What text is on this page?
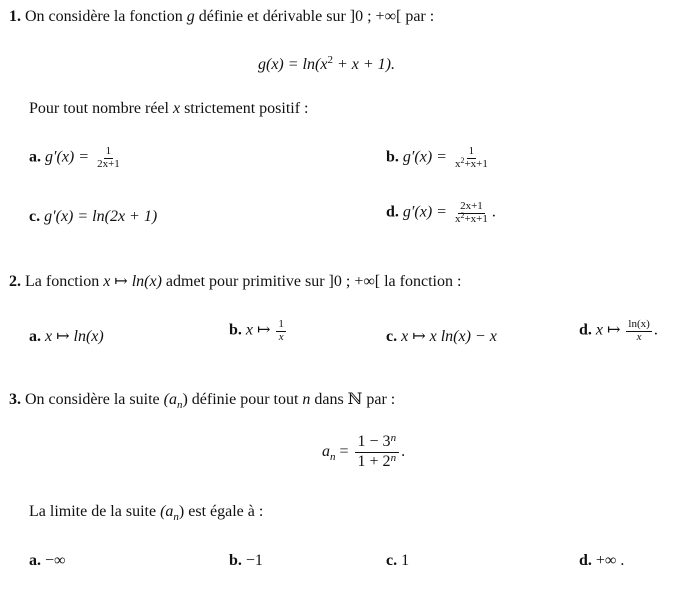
1. On considère la fonction g définie et dérivable sur ]0 ; +∞[ par :
$g(x) = \ln(x^2 + x + 1)$.
Pour tout nombre réel x strictement positif :
a. $g'(x) = \frac{1}{2x+1}$	b. $g'(x) = \frac{1}{x^2+x+1}$
c. g′(x) = ln(2x + 1)	d. $g'(x) = \frac{2x+1}{x^2+x+1}$ .
2. La fonction x ↦ ln(x) admet pour primitive sur ]0 ; +∞[ la fonction :
a. x ↦ ln(x)	b. x ↦ $\frac{1}{x}$	c. x ↦ x ln(x) − x	d. x ↦ $\frac{\ln(x)}{x}$ .
3. On considère la suite $(a_n)$ définie pour tout n dans ℕ par :
$a_n = \frac{1 - 3^n}{1 + 2^n}$ .
La limite de la suite $(a_n)$ est égale à :
a. −∞	b. −1	c. 1	d. +∞ .
